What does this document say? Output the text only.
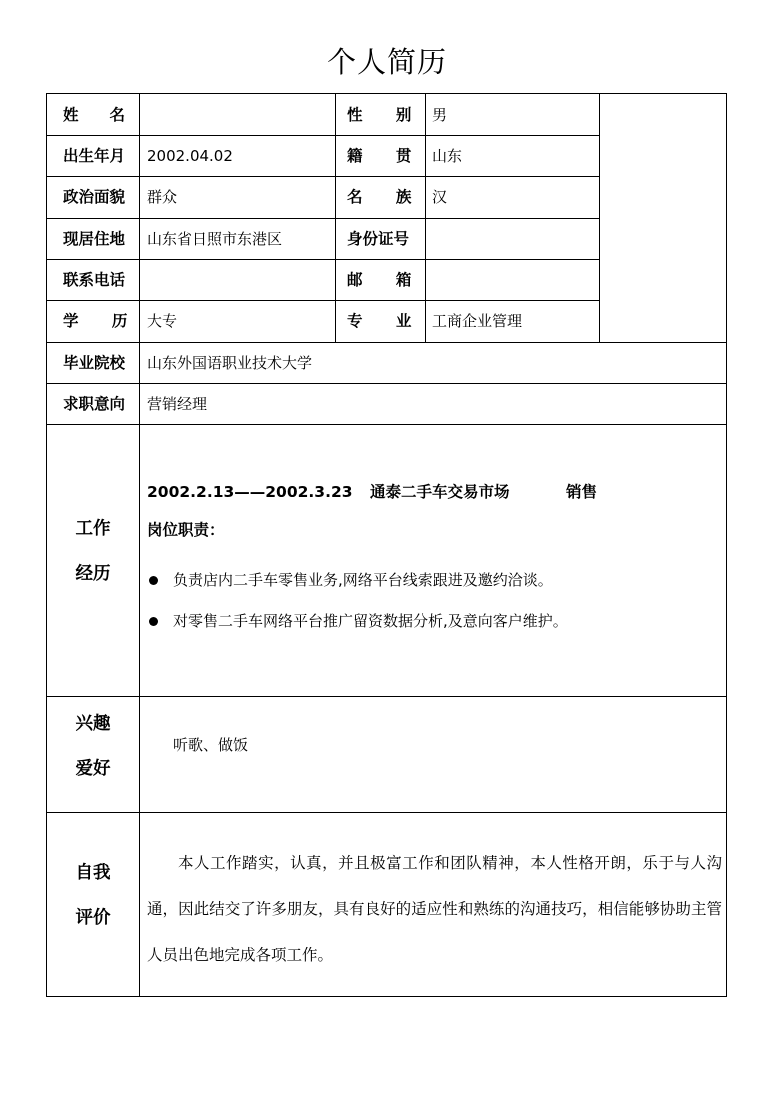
个人简历
姓 名	性 别 男
出生年月 2002.04.02	籍 贯 山东
政治面貌 群众	名 族 汉
现居住地 山东省日照市东港区	身份证号
联系电话	邮 箱
学 历 大专	专 业 工商企业管理
毕业院校 山东外国语职业技术大学
求职意向 营销经理
工作
经历
2002.2.13——2002.3.23 通泰二手车交易市场	销售
岗位职责：
负责店内二手车零售业务,网络平台线索跟进及邀约洽谈。
对零售二手车网络平台推广留资数据分析,及意向客户维护。
兴趣
爱好
听歌、做饭
自我
评价
本人工作踏实，认真，并且极富工作和团队精神，本人性格开朗，乐于与人沟通，因此结交了许多朋友，具有良好的适应性和熟练的沟通技巧，相信能够协助主管人员出色地完成各项工作。
